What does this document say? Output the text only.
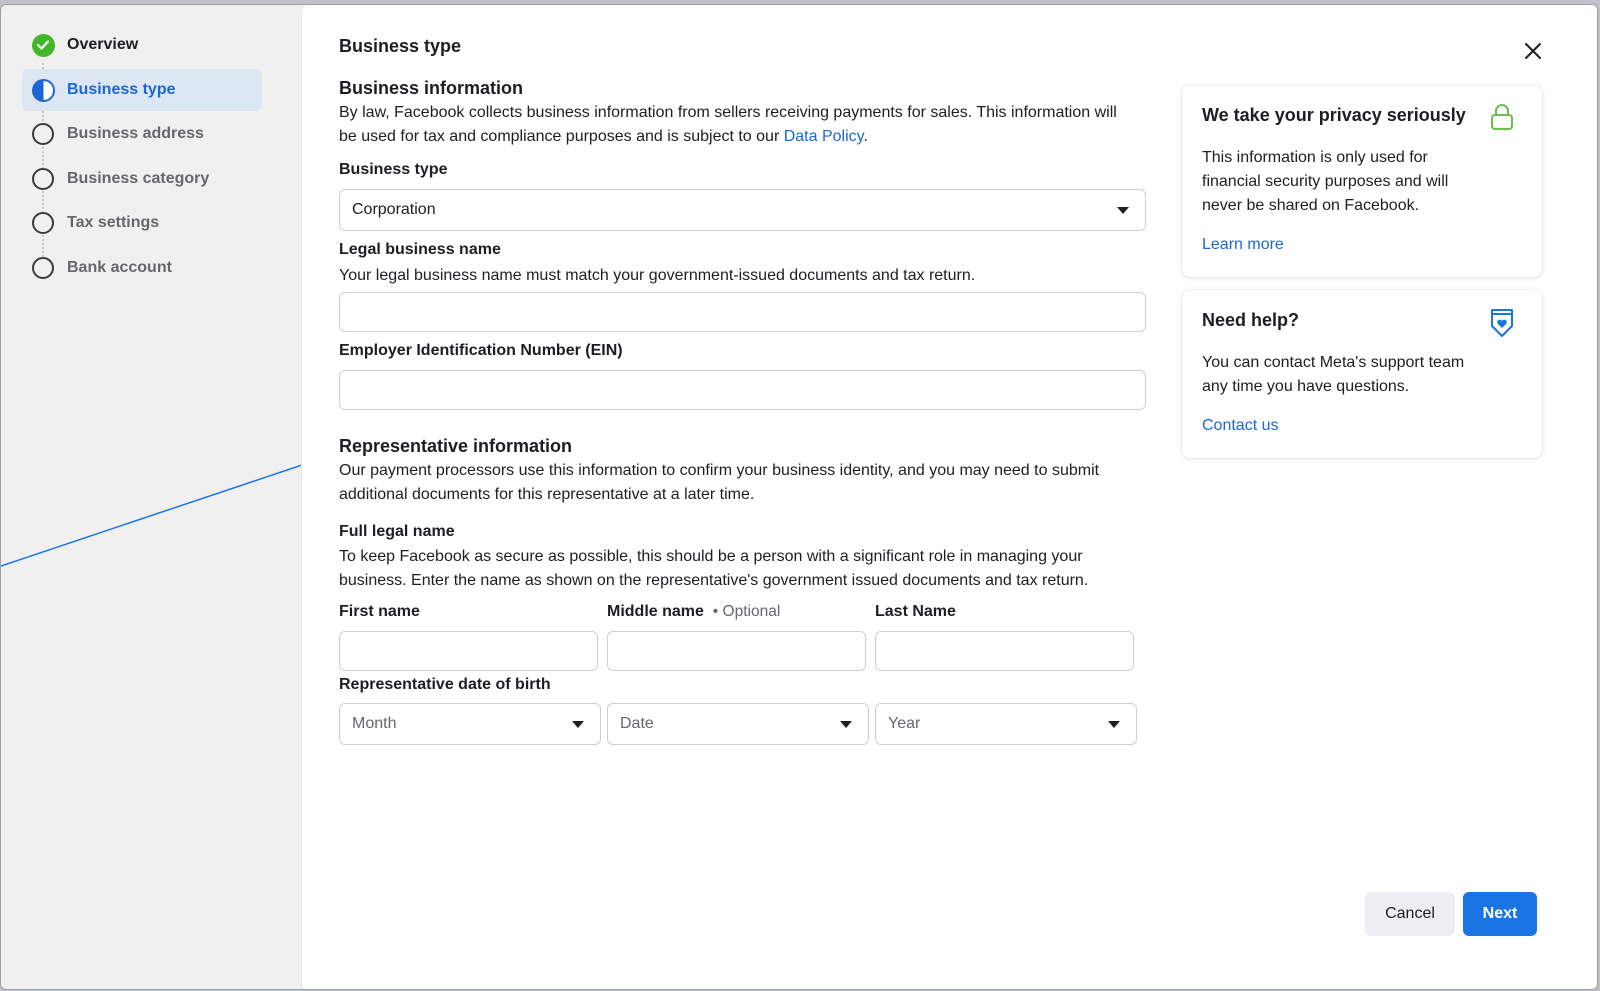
Overview
Business type
Business address
Business category
Tax settings
Bank account
Business type
Business information
By law, Facebook collects business information from sellers receiving payments for sales. This information will be used for tax and compliance purposes and is subject to our Data Policy.
Business type
Corporation
Legal business name
Your legal business name must match your government-issued documents and tax return.
Employer Identification Number (EIN)
Representative information
Our payment processors use this information to confirm your business identity, and you may need to submit additional documents for this representative at a later time.
Full legal name
To keep Facebook as secure as possible, this should be a person with a significant role in managing your business. Enter the name as shown on the representative's government issued documents and tax return.
First name	Middle name • Optional	Last Name
Representative date of birth
Month	Date	Year
We take your privacy seriously
This information is only used for financial security purposes and will never be shared on Facebook.
Learn more
Need help?
You can contact Meta's support team any time you have questions.
Contact us
Cancel	Next
